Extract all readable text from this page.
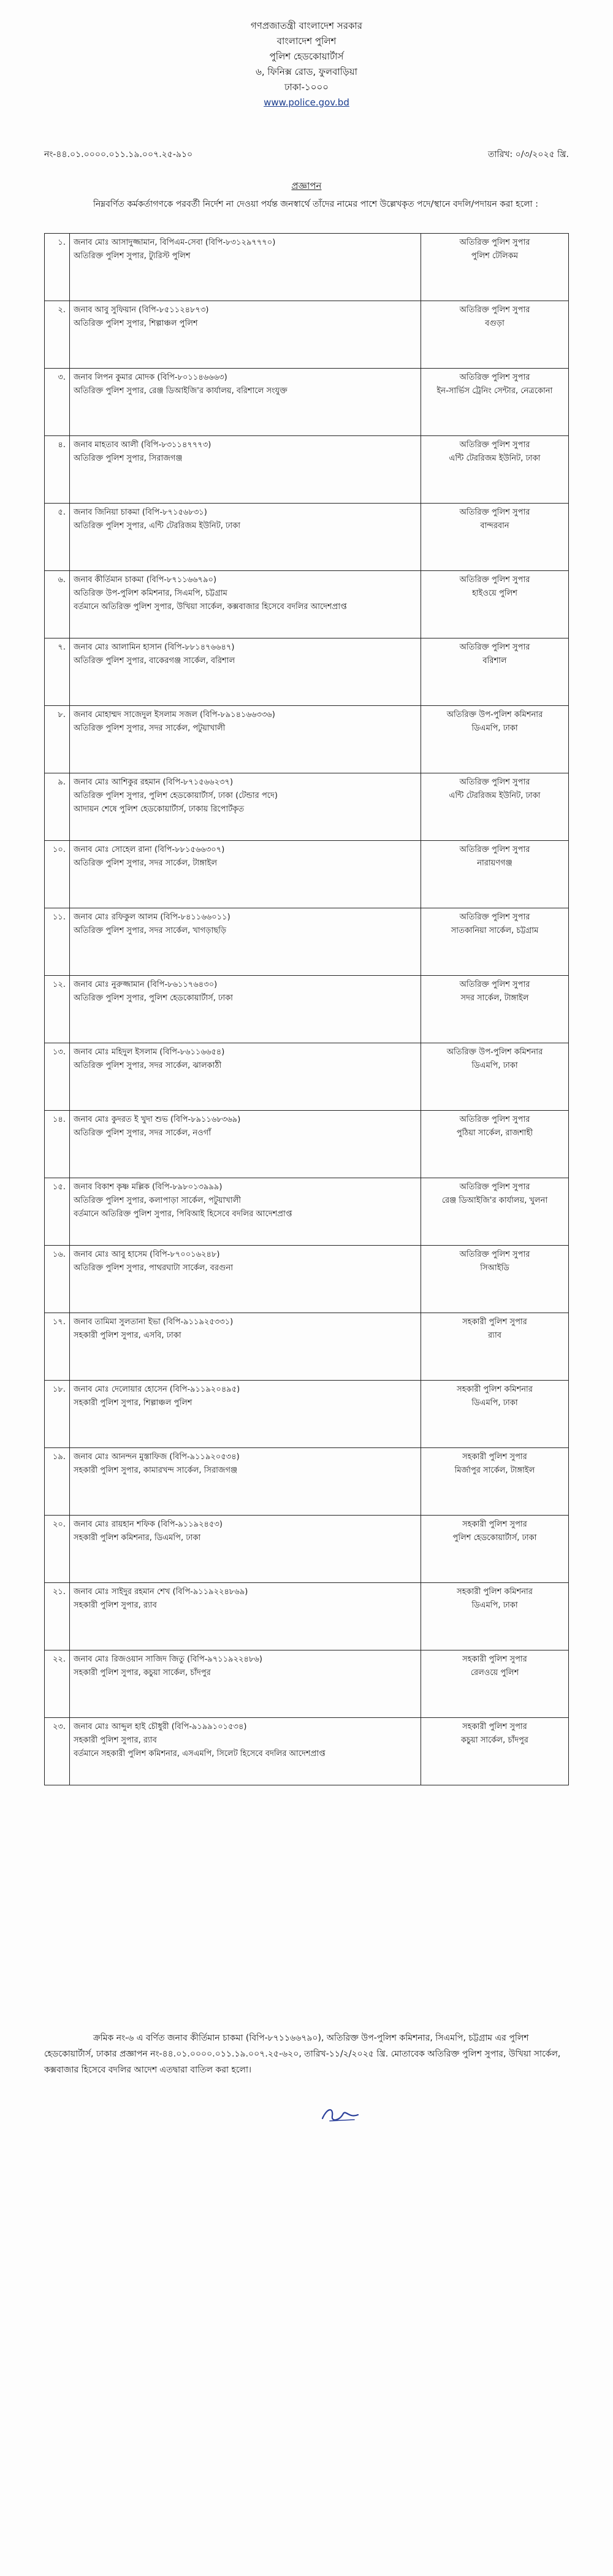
গণপ্রজাতন্ত্রী বাংলাদেশ সরকার
বাংলাদেশ পুলিশ
পুলিশ হেডকোয়ার্টার্স
৬, ফিনিক্স রোড, ফুলবাড়িয়া
ঢাকা-১০০০
www.police.gov.bd
নং-৪৪.০১.০০০০.০১১.১৯.০০৭.২৫-৯১০	তারিখ: ০/৩/২০২৫ খ্রি.
প্রজ্ঞাপন
নিম্নবর্ণিত কর্মকর্তাগণকে পরবর্তী নির্দেশ না দেওয়া পর্যন্ত জনস্বার্থে তাঁদের নামের পাশে উল্লেখকৃত পদে/স্থানে বদলি/পদায়ন করা হলো :
১.	জনাব মোঃ আসাদুজ্জামান, বিপিএম-সেবা (বিপি-৮৩১২৯৭৭৭০)
অতিরিক্ত পুলিশ সুপার, ট্যুরিস্ট পুলিশ	অতিরিক্ত পুলিশ সুপার
পুলিশ টেলিকম

২.	জনাব আবু সুফিয়ান (বিপি-৮৫১১২৪৮৭৩)
অতিরিক্ত পুলিশ সুপার, শিল্পাঞ্চল পুলিশ	অতিরিক্ত পুলিশ সুপার
বগুড়া

৩.	জনাব লিপন কুমার মোদক (বিপি-৮০১১৪৬৬৬৩)
অতিরিক্ত পুলিশ সুপার, রেঞ্জ ডিআইজি'র কার্যালয়, বরিশালে সংযুক্ত	অতিরিক্ত পুলিশ সুপার
ইন-সার্ভিস ট্রেনিং সেন্টার, নেত্রকোনা

৪.	জনাব মাহতাব আলী (বিপি-৮৩১১৪৭৭৭৩)
অতিরিক্ত পুলিশ সুপার, সিরাজগঞ্জ	অতিরিক্ত পুলিশ সুপার
এন্টি টেররিজম ইউনিট, ঢাকা

৫.	জনাব জিনিয়া চাকমা (বিপি-৮৭১৫৬৮৩১)
অতিরিক্ত পুলিশ সুপার, এন্টি টেররিজম ইউনিট, ঢাকা	অতিরিক্ত পুলিশ সুপার
বান্দরবান

৬.	জনাব কীর্তিমান চাকমা (বিপি-৮৭১১৬৬৭৯০)
অতিরিক্ত উপ-পুলিশ কমিশনার, সিএমপি, চট্টগ্রাম
বর্তমানে অতিরিক্ত পুলিশ সুপার, উখিয়া সার্কেল, কক্সবাজার হিসেবে বদলির আদেশপ্রাপ্ত	অতিরিক্ত পুলিশ সুপার
হাইওয়ে পুলিশ

৭.	জনাব মোঃ আলামিন হাসান (বিপি-৮৮১৪৭৬৬৪৭)
অতিরিক্ত পুলিশ সুপার, বাকেরগঞ্জ সার্কেল, বরিশাল	অতিরিক্ত পুলিশ সুপার
বরিশাল

৮.	জনাব মোহাম্মদ সাজেদুল ইসলাম সজল (বিপি-৮৯১৪১৬৬৩৩৬)
অতিরিক্ত পুলিশ সুপার, সদর সার্কেল, পটুয়াখালী	অতিরিক্ত উপ-পুলিশ কমিশনার
ডিএমপি, ঢাকা

৯.	জনাব মোঃ আশিকুর রহমান (বিপি-৮৭১৫৬৬২৩৭)
অতিরিক্ত পুলিশ সুপার, পুলিশ হেডকোয়ার্টার্স, ঢাকা (টেন্ডার পদে)
আদায়ন শেষে পুলিশ হেডকোয়ার্টার্স, ঢাকায় রিপোর্টকৃত	অতিরিক্ত পুলিশ সুপার
এন্টি টেররিজম ইউনিট, ঢাকা

১০.	জনাব মোঃ সোহেল রানা (বিপি-৮৮১৫৬৬৩০৭)
অতিরিক্ত পুলিশ সুপার, সদর সার্কেল, টাঙ্গাইল	অতিরিক্ত পুলিশ সুপার
নারায়ণগঞ্জ

১১.	জনাব মোঃ রফিকুল আলম (বিপি-৮৪১১৬৬০১১)
অতিরিক্ত পুলিশ সুপার, সদর সার্কেল, খাগড়াছড়ি	অতিরিক্ত পুলিশ সুপার
সাতকানিয়া সার্কেল, চট্টগ্রাম

১২.	জনাব মোঃ নুরুজ্জামান (বিপি-৮৬১১৭৬৪৩০)
অতিরিক্ত পুলিশ সুপার, পুলিশ হেডকোয়ার্টার্স, ঢাকা	অতিরিক্ত পুলিশ সুপার
সদর সার্কেল, টাঙ্গাইল

১৩.	জনাব মোঃ মহিদুল ইসলাম (বিপি-৮৬১১৬৬৫৪)
অতিরিক্ত পুলিশ সুপার, সদর সার্কেল, ঝালকাঠী	অতিরিক্ত উপ-পুলিশ কমিশনার
ডিএমপি, ঢাকা

১৪.	জনাব মোঃ কুদরত ই খুদা শুভ (বিপি-৮৯১১৬৮৩৬৯)
অতিরিক্ত পুলিশ সুপার, সদর সার্কেল, নওগাঁ	অতিরিক্ত পুলিশ সুপার
পুঠিয়া সার্কেল, রাজশাহী

১৫.	জনাব বিকাশ কৃষ্ণ মল্লিক (বিপি-৮৯৮০১৩৯৯৯)
অতিরিক্ত পুলিশ সুপার, কলাপাড়া সার্কেল, পটুয়াখালী
বর্তমানে অতিরিক্ত পুলিশ সুপার, পিবিআই হিসেবে বদলির আদেশপ্রাপ্ত	অতিরিক্ত পুলিশ সুপার
রেঞ্জ ডিআইজি'র কার্যালয়, খুলনা

১৬.	জনাব মোঃ আবু হাসেম (বিপি-৮৭০০১৬২৪৮)
অতিরিক্ত পুলিশ সুপার, পাথরঘাটা সার্কেল, বরগুনা	অতিরিক্ত পুলিশ সুপার
সিআইডি

১৭.	জনাব তামিমা সুলতানা ইভা (বিপি-৯১১৯২৫৩৩১)
সহকারী পুলিশ সুপার, এসবি, ঢাকা	সহকারী পুলিশ সুপার
র‌্যাব

১৮.	জনাব মোঃ দেলোয়ার হোসেন (বিপি-৯১১৯২০৪৯৫)
সহকারী পুলিশ সুপার, শিল্পাঞ্চল পুলিশ	সহকারী পুলিশ কমিশনার
ডিএমপি, ঢাকা

১৯.	জনাব মোঃ আনন্দন মুস্তাফিজ (বিপি-৯১১৯২০৫৩৪)
সহকারী পুলিশ সুপার, কামারখন্দ সার্কেল, সিরাজগঞ্জ	সহকারী পুলিশ সুপার
মির্জাপুর সার্কেল, টাঙ্গাইল

২০.	জনাব মোঃ রায়হান শফিক (বিপি-৯১১৯২৪৫৩)
সহকারী পুলিশ কমিশনার, ডিএমপি, ঢাকা	সহকারী পুলিশ সুপার
পুলিশ হেডকোয়ার্টার্স, ঢাকা

২১.	জনাব মোঃ সাইদুর রহমান শেখ (বিপি-৯১১৯২২৪৮৬৯)
সহকারী পুলিশ সুপার, র‌্যাব	সহকারী পুলিশ কমিশনার
ডিএমপি, ঢাকা

২২.	জনাব মোঃ রিজওয়ান সাজিদ জিতু (বিপি-৯৭১১৯২২৪৮৬)
সহকারী পুলিশ সুপার, কচুয়া সার্কেল, চাঁদপুর	সহকারী পুলিশ সুপার
রেলওয়ে পুলিশ

২৩.	জনাব মোঃ আব্দুল হাই চৌধুরী (বিপি-৯১৯৯১০১৫৩৪)
সহকারী পুলিশ সুপার, র‌্যাব
বর্তমানে সহকারী পুলিশ কমিশনার, এসএমপি, সিলেট হিসেবে বদলির আদেশপ্রাপ্ত	সহকারী পুলিশ সুপার
কচুয়া সার্কেল, চাঁদপুর
ক্রমিক নং-৬ এ বর্ণিত জনাব কীর্তিমান চাকমা (বিপি-৮৭১১৬৬৭৯০), অতিরিক্ত উপ-পুলিশ কমিশনার, সিএমপি, চট্টগ্রাম এর পুলিশ হেডকোয়ার্টার্স, ঢাকার প্রজ্ঞাপন নং-৪৪.০১.০০০০.০১১.১৯.০০৭.২৫-৬২০, তারিখ-১১/২/২০২৫ খ্রি. মোতাবেক অতিরিক্ত পুলিশ সুপার, উখিয়া সার্কেল, কক্সবাজার হিসেবে বদলির আদেশ এতদ্বারা বাতিল করা হলো।
